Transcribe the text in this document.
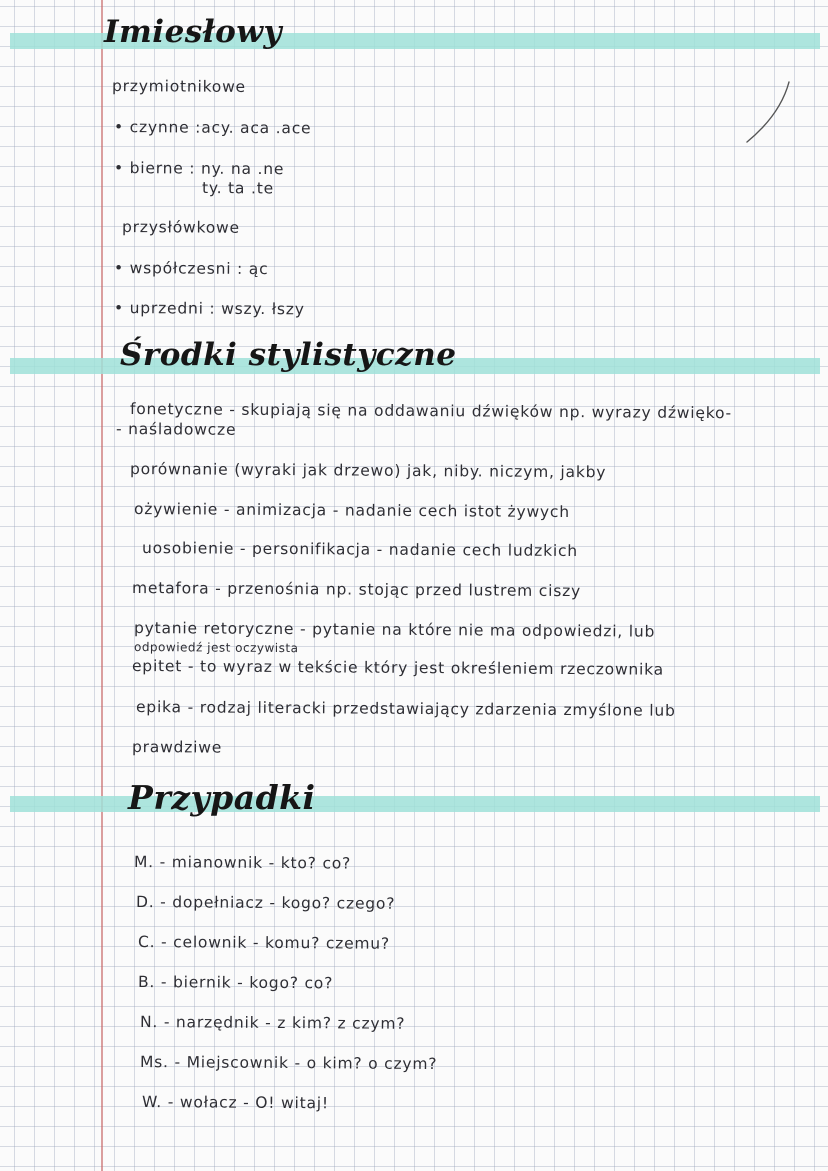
Imiesłowy
przymiotnikowe
• czynne :acy. aca .ace
• bierne : ny. na .ne
ty. ta .te
przysłówkowe
• współczesni : ąc
• uprzedni : wszy. łszy
Środki stylistyczne
fonetyczne - skupiają się na oddawaniu dźwięków np. wyrazy dźwięko-
- naśladowcze
porównanie (wyraki jak drzewo) jak, niby. niczym, jakby
ożywienie - animizacja - nadanie cech istot żywych
uosobienie - personifikacja - nadanie cech ludzkich
metafora - przenośnia np. stojąc przed lustrem ciszy
pytanie retoryczne - pytanie na które nie ma odpowiedzi, lub
odpowiedź jest oczywista
epitet - to wyraz w tekście który jest określeniem rzeczownika
epika - rodzaj literacki przedstawiający zdarzenia zmyślone lub
prawdziwe
Przypadki
M. - mianownik - kto? co?
D. - dopełniacz - kogo? czego?
C. - celownik - komu? czemu?
B. - biernik - kogo? co?
N. - narzędnik - z kim? z czym?
Ms. - Miejscownik - o kim? o czym?
W. - wołacz - O! witaj!
